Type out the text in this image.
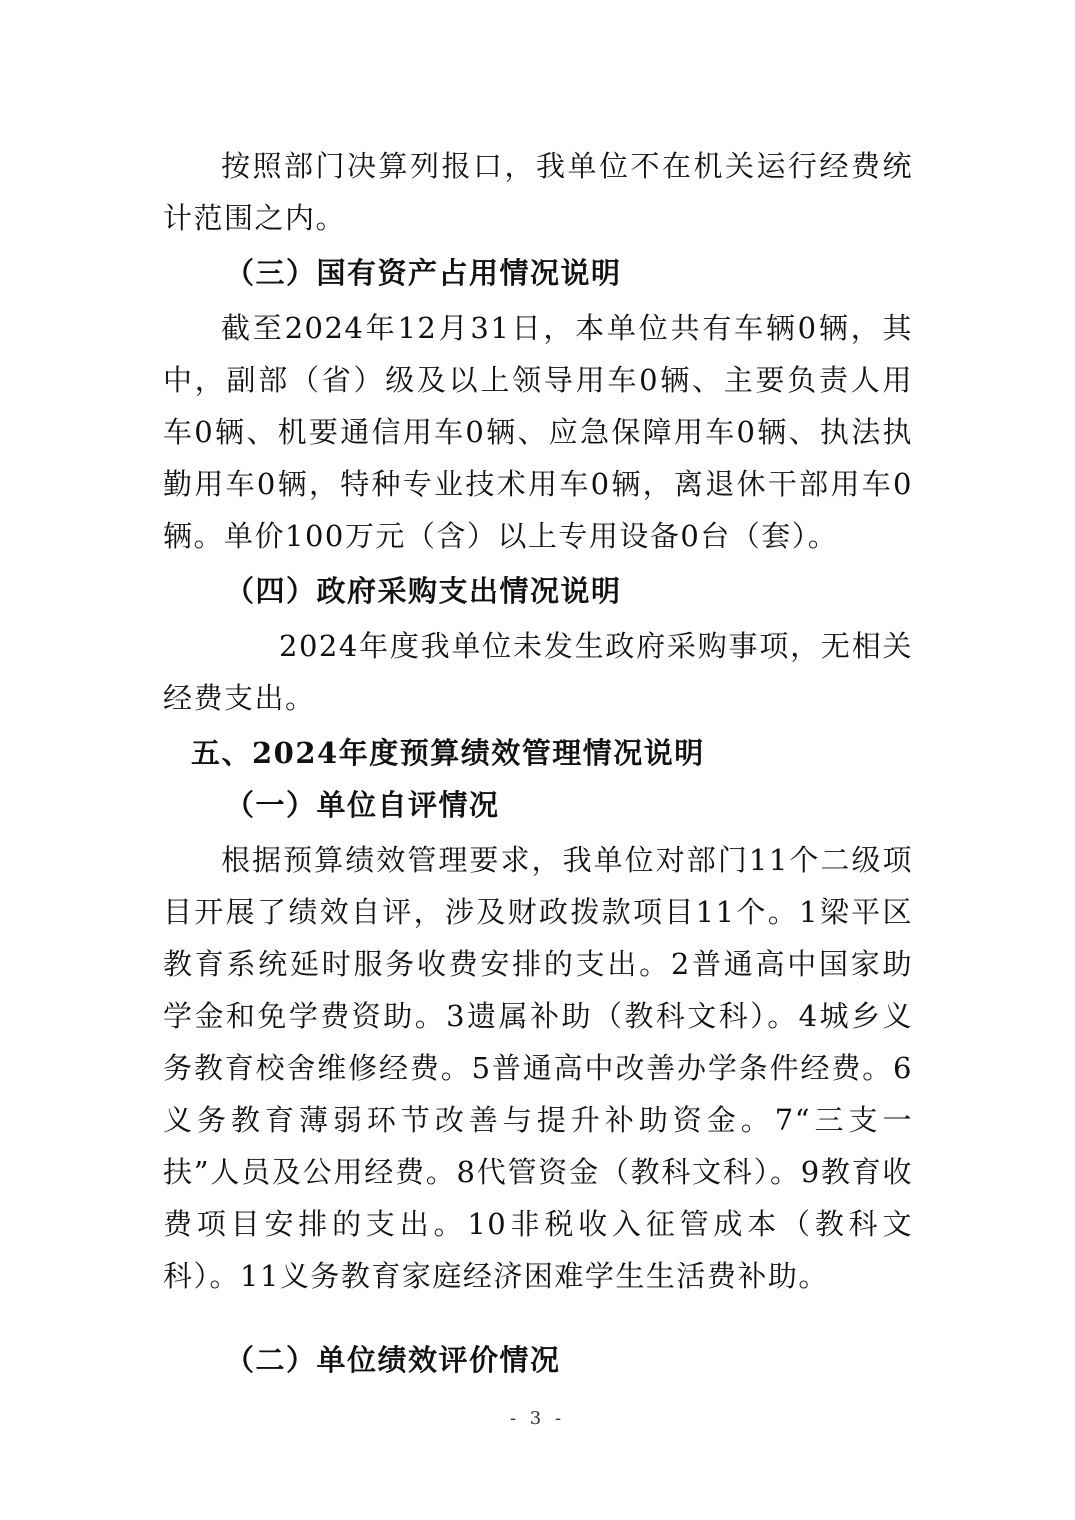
按照部门决算列报口，我单位不在机关运行经费统计范围之内。

（三）国有资产占用情况说明

截至2024年12月31日，本单位共有车辆0辆，其中，副部（省）级及以上领导用车0辆、主要负责人用车0辆、机要通信用车0辆、应急保障用车0辆、执法执勤用车0辆，特种专业技术用车0辆，离退休干部用车0辆。单价100万元（含）以上专用设备0台（套）。

（四）政府采购支出情况说明

2024年度我单位未发生政府采购事项，无相关经费支出。

五、2024年度预算绩效管理情况说明

（一）单位自评情况

根据预算绩效管理要求，我单位对部门11个二级项目开展了绩效自评，涉及财政拨款项目11个。1梁平区教育系统延时服务收费安排的支出。2普通高中国家助学金和免学费资助。3遗属补助（教科文科）。4城乡义务教育校舍维修经费。5普通高中改善办学条件经费。6义务教育薄弱环节改善与提升补助资金。7“三支一扶”人员及公用经费。8代管资金（教科文科）。9教育收费项目安排的支出。10非税收入征管成本（教科文科）。11义务教育家庭经济困难学生生活费补助。

（二）单位绩效评价情况

- 3 -
